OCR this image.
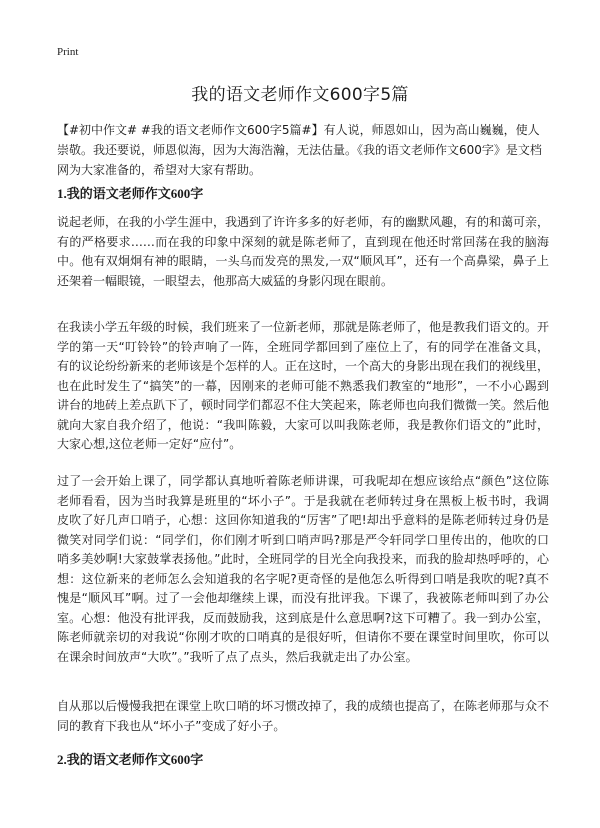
Print
我的语文老师作文600字5篇

【#初中作文# #我的语文老师作文600字5篇#】有人说，师恩如山，因为高山巍巍，使人崇敬。我还要说，师恩似海，因为大海浩瀚，无法估量。《我的语文老师作文600字》是文档网为大家准备的，希望对大家有帮助。

1.我的语文老师作文600字

说起老师，在我的小学生涯中，我遇到了许许多多的好老师，有的幽默风趣，有的和蔼可亲，有的严格要求……而在我的印象中深刻的就是陈老师了，直到现在他还时常回荡在我的脑海中。他有双炯炯有神的眼睛，一头乌而发亮的黑发,一双“顺风耳”，还有一个高鼻梁，鼻子上还架着一幅眼镜，一眼望去，他那高大威猛的身影闪现在眼前。

在我读小学五年级的时候，我们班来了一位新老师，那就是陈老师了，他是教我们语文的。开学的第一天“叮铃铃”的铃声响了一阵，全班同学都回到了座位上了，有的同学在准备文具，有的议论纷纷新来的老师该是个怎样的人。正在这时，一个高大的身影出现在我们的视线里，也在此时发生了“搞笑”的一幕，因刚来的老师可能不熟悉我们教室的“地形”，一不小心踢到讲台的地砖上差点趴下了，顿时同学们都忍不住大笑起来，陈老师也向我们微微一笑。然后他就向大家自我介绍了，他说：“我叫陈毅，大家可以叫我陈老师，我是教你们语文的”此时，大家心想,这位老师一定好“应付”。

过了一会开始上课了，同学都认真地听着陈老师讲课，可我呢却在想应该给点“颜色”这位陈老师看看，因为当时我算是班里的“坏小子”。于是我就在老师转过身在黑板上板书时，我调皮吹了好几声口哨子，心想：这回你知道我的“厉害”了吧!却出乎意料的是陈老师转过身仍是微笑对同学们说：“同学们，你们刚才听到口哨声吗?那是严令轩同学口里传出的，他吹的口哨多美妙啊!大家鼓掌表扬他。”此时，全班同学的目光全向我投来，而我的脸却热呼呼的，心想：这位新来的老师怎么会知道我的名字呢?更奇怪的是他怎么听得到口哨是我吹的呢?真不愧是“顺风耳”啊。过了一会他却继续上课，而没有批评我。下课了，我被陈老师叫到了办公室。心想：他没有批评我，反而鼓励我，这到底是什么意思啊?这下可糟了。我一到办公室，陈老师就亲切的对我说“你刚才吹的口哨真的是很好听，但请你不要在课堂时间里吹，你可以在课余时间放声“大吹”。”我听了点了点头，然后我就走出了办公室。

自从那以后慢慢我把在课堂上吹口哨的坏习惯改掉了，我的成绩也提高了，在陈老师那与众不同的教育下我也从“坏小子”变成了好小子。

2.我的语文老师作文600字
